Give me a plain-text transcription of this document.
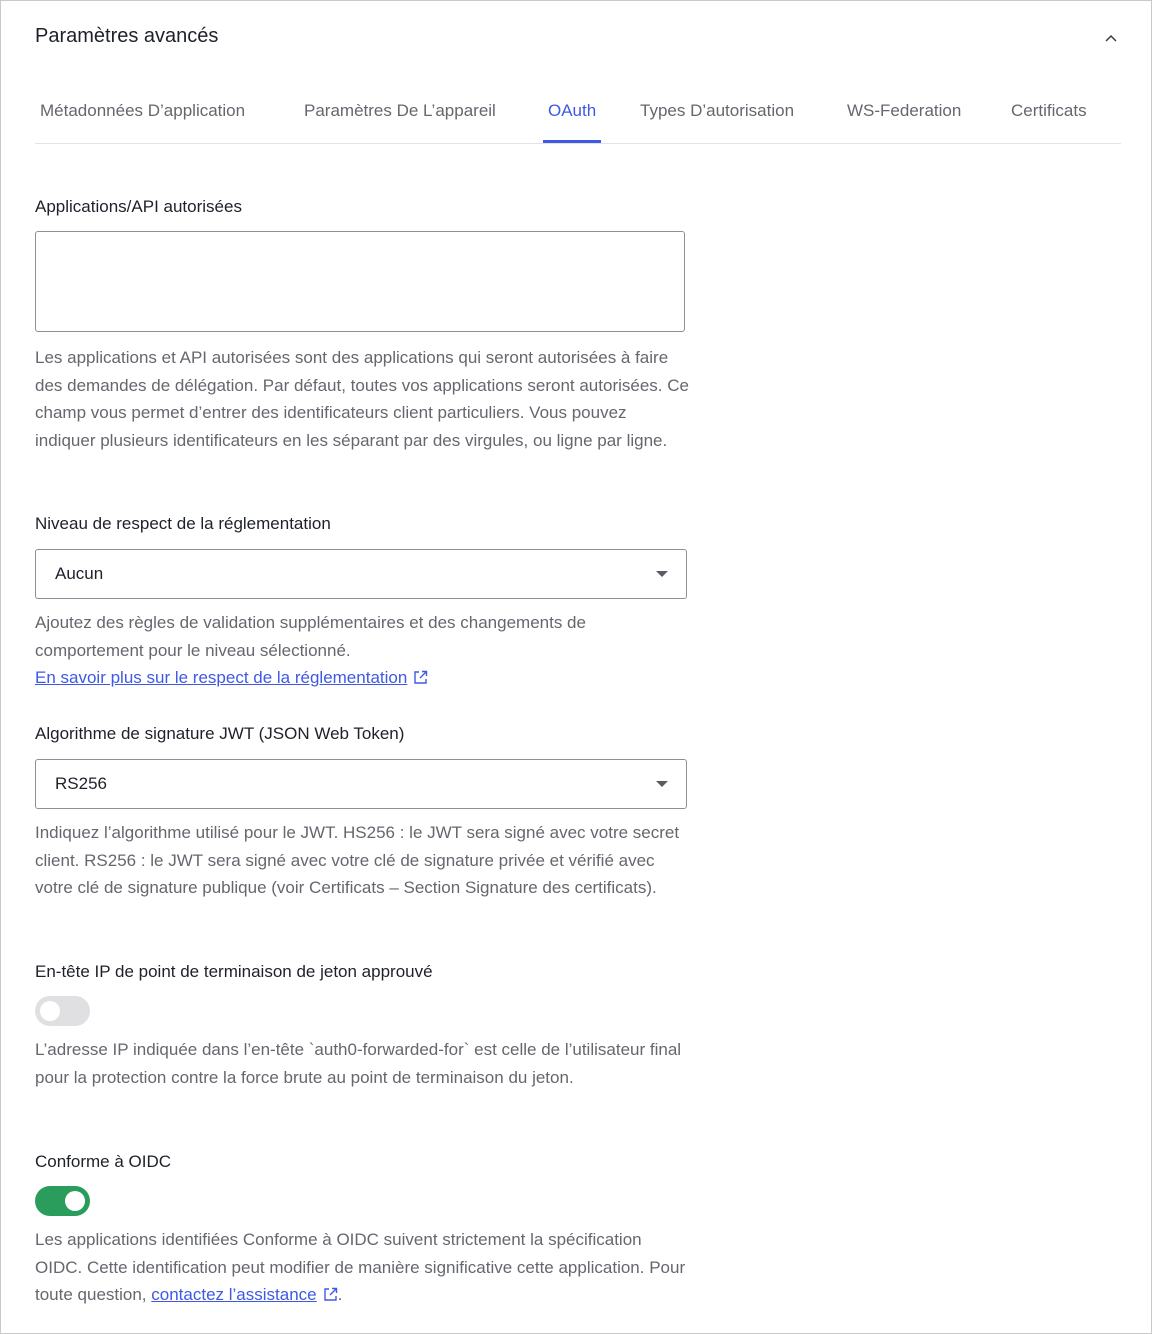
Paramètres avancés
Métadonnées D’application	Paramètres De L’appareil	OAuth	Types D’autorisation	WS-Federation	Certificats
Applications/API autorisées
Les applications et API autorisées sont des applications qui seront autorisées à faire des demandes de délégation. Par défaut, toutes vos applications seront autorisées. Ce champ vous permet d’entrer des identificateurs client particuliers. Vous pouvez indiquer plusieurs identificateurs en les séparant par des virgules, ou ligne par ligne.
Niveau de respect de la réglementation
Aucun
Ajoutez des règles de validation supplémentaires et des changements de comportement pour le niveau sélectionné.
En savoir plus sur le respect de la réglementation
Algorithme de signature JWT (JSON Web Token)
RS256
Indiquez l’algorithme utilisé pour le JWT. HS256 : le JWT sera signé avec votre secret client. RS256 : le JWT sera signé avec votre clé de signature privée et vérifié avec votre clé de signature publique (voir Certificats – Section Signature des certificats).
En-tête IP de point de terminaison de jeton approuvé
L’adresse IP indiquée dans l’en-tête `auth0-forwarded-for` est celle de l’utilisateur final pour la protection contre la force brute au point de terminaison du jeton.
Conforme à OIDC
Les applications identifiées Conforme à OIDC suivent strictement la spécification OIDC. Cette identification peut modifier de manière significative cette application. Pour toute question, contactez l’assistance .
